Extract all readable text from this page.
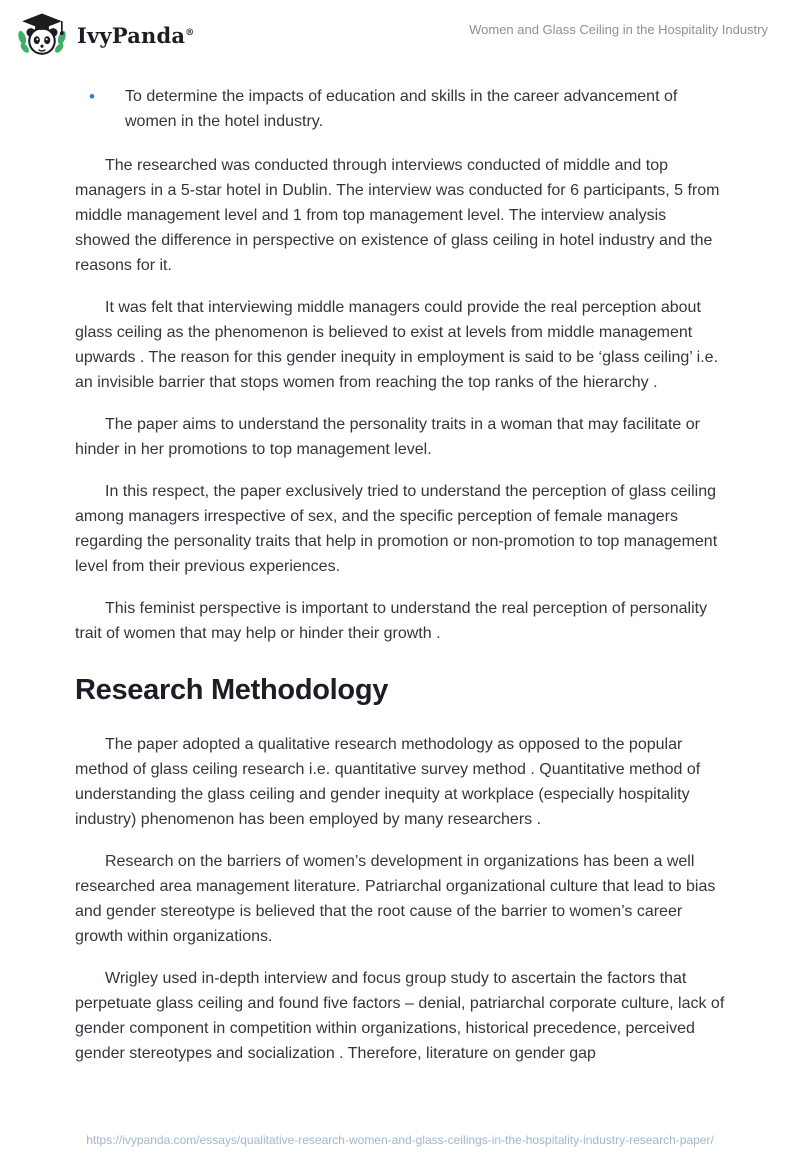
IvyPanda®	Women and Glass Ceiling in the Hospitality Industry
•	To determine the impacts of education and skills in the career advancement of women in the hotel industry.

The researched was conducted through interviews conducted of middle and top managers in a 5-star hotel in Dublin. The interview was conducted for 6 participants, 5 from middle management level and 1 from top management level. The interview analysis showed the difference in perspective on existence of glass ceiling in hotel industry and the reasons for it.

It was felt that interviewing middle managers could provide the real perception about glass ceiling as the phenomenon is believed to exist at levels from middle management upwards . The reason for this gender inequity in employment is said to be ‘glass ceiling’ i.e. an invisible barrier that stops women from reaching the top ranks of the hierarchy .

The paper aims to understand the personality traits in a woman that may facilitate or hinder in her promotions to top management level.

In this respect, the paper exclusively tried to understand the perception of glass ceiling among managers irrespective of sex, and the specific perception of female managers regarding the personality traits that help in promotion or non-promotion to top management level from their previous experiences.

This feminist perspective is important to understand the real perception of personality trait of women that may help or hinder their growth .

Research Methodology

The paper adopted a qualitative research methodology as opposed to the popular method of glass ceiling research i.e. quantitative survey method . Quantitative method of understanding the glass ceiling and gender inequity at workplace (especially hospitality industry) phenomenon has been employed by many researchers .

Research on the barriers of women’s development in organizations has been a well researched area management literature. Patriarchal organizational culture that lead to bias and gender stereotype is believed that the root cause of the barrier to women’s career growth within organizations.

Wrigley used in-depth interview and focus group study to ascertain the factors that perpetuate glass ceiling and found five factors – denial, patriarchal corporate culture, lack of gender component in competition within organizations, historical precedence, perceived gender stereotypes and socialization . Therefore, literature on gender gap

https://ivypanda.com/essays/qualitative-research-women-and-glass-ceilings-in-the-hospitality-industry-research-paper/
